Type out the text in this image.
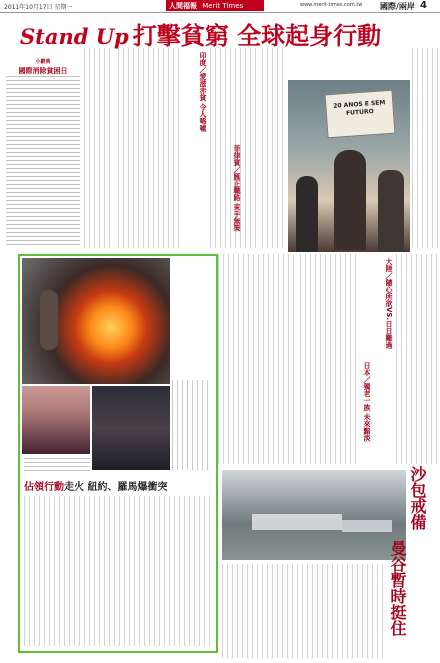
2011年10月17日 星期一	人間福報 Merit Times	www.merit-times.com.tw 國際/兩岸 4
Stand Up 打擊貧窮 全球起身行動
小辭典
國際消除貧困日	印度／愛滋赤貧 令人唏噓
菲律賓／匯正職路 束手無策
20 ANOS E SEM FUTURO
佔領行動走火 紐約、羅馬爆衝突
日本／獨老一族 未來黯淡
大陸／隨心所欲VS.日日難過
沙包戒備
曼谷暫時挺住
